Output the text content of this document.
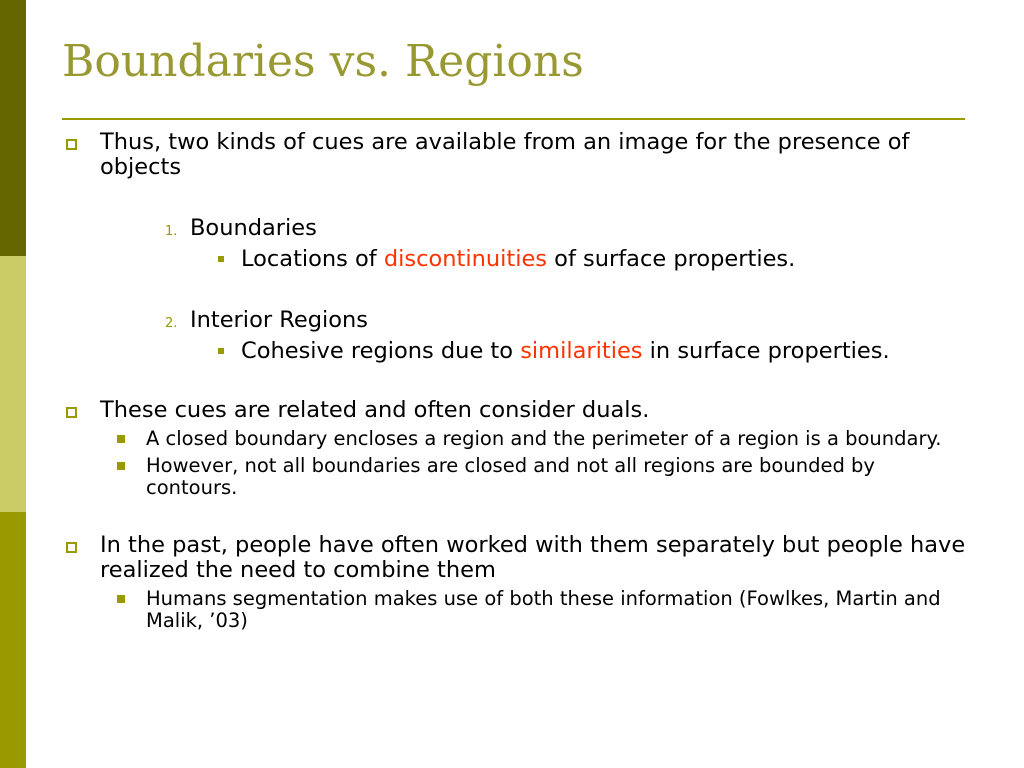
Boundaries vs. Regions
Thus, two kinds of cues are available from an image for the presence of objects
1. Boundaries
Locations of discontinuities of surface properties.
2. Interior Regions
Cohesive regions due to similarities in surface properties.
These cues are related and often consider duals.
A closed boundary encloses a region and the perimeter of a region is a boundary.
However, not all boundaries are closed and not all regions are bounded by contours.
In the past, people have often worked with them separately but people have realized the need to combine them
Humans segmentation makes use of both these information (Fowlkes, Martin and Malik, ’03)
